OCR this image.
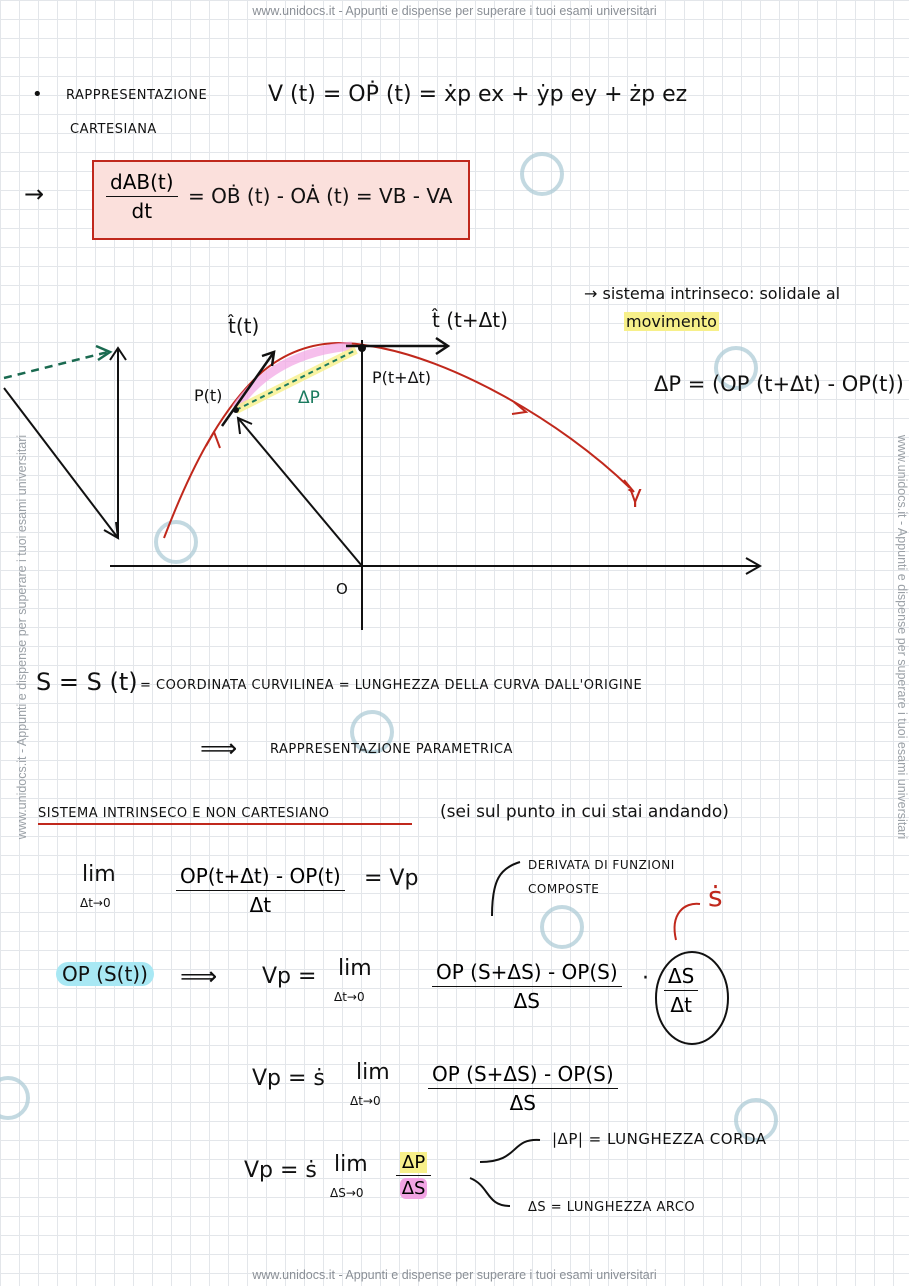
www.unidocs.it - Appunti e dispense per superare i tuoi esami universitari
www.unidocs.it - Appunti e dispense per superare i tuoi esami universitari
www.unidocs.it - Appunti e dispense per superare i tuoi esami universitari	www.unidocs.it - Appunti e dispense per superare i tuoi esami universitari
• RAPPRESENTAZIONE
CARTESIANA
V (t) = OṖ (t) = ẋp ex + ẏp ey + żp ez
→	dAB(t)
dt
= OḂ (t) - OȦ (t) = VB - VA
t̂(t)	t̂ (t+Δt)
P(t)
P(t+Δt)
ΔP
O
γ
→ sistema intrinseco: solidale al
movimento
ΔP = (OP (t+Δt) - OP(t))
S = S (t) = COORDINATA CURVILINEA = LUNGHEZZA DELLA CURVA DALL'ORIGINE
⟹	RAPPRESENTAZIONE PARAMETRICA
SISTEMA INTRINSECO E NON CARTESIANO	(sei sul punto in cui stai andando)
lim
Δt→0	$\frac{OP(t+\Delta t) - OP(t)}{\Delta t} = Vp$
DERIVATA DI FUNZIONI
COMPOSTE	ṡ
OP (S(t)) ⟹ Vp = lim
Δt→0	$\frac{OP (S+\Delta S) - OP(S)}{\Delta S} \cdot \frac{\Delta S}{\Delta t}$
Vp = ṡ lim
$\Delta t\to 0 \frac{OP (S+\Delta S) - OP(S)}{\Delta S}$
Vp = ṡ lim
$\Delta S\to 0 \frac{\Delta P}{\Delta S}$
|ΔP| = LUNGHEZZA CORDA
ΔS = LUNGHEZZA ARCO
